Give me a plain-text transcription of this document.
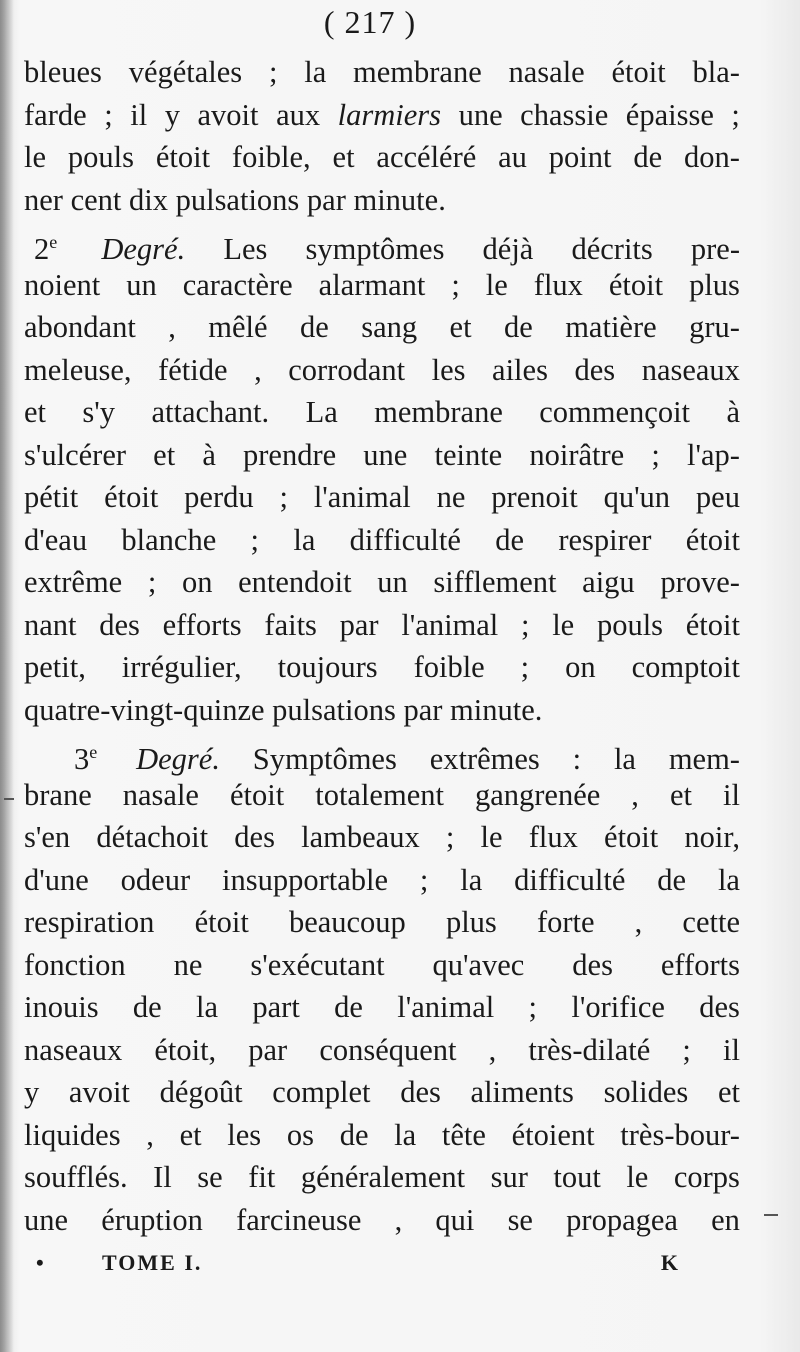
( 217 )
bleues végétales ; la membrane nasale étoit bla-
farde ; il y avoit aux larmiers une chassie épaisse ;
le pouls étoit foible, et accéléré au point de don-
ner cent dix pulsations par minute.
2e Degré. Les symptômes déjà décrits pre-
noient un caractère alarmant ; le flux étoit plus
abondant , mêlé de sang et de matière gru-
meleuse, fétide , corrodant les ailes des naseaux
et s'y attachant. La membrane commençoit à
s'ulcérer et à prendre une teinte noirâtre ; l'ap-
pétit étoit perdu ; l'animal ne prenoit qu'un peu
d'eau blanche ; la difficulté de respirer étoit
extrême ; on entendoit un sifflement aigu prove-
nant des efforts faits par l'animal ; le pouls étoit
petit, irrégulier, toujours foible ; on comptoit
quatre-vingt-quinze pulsations par minute.
3e Degré. Symptômes extrêmes : la mem-
brane nasale étoit totalement gangrenée , et il
s'en détachoit des lambeaux ; le flux étoit noir,
d'une odeur insupportable ; la difficulté de la
respiration étoit beaucoup plus forte , cette
fonction ne s'exécutant qu'avec des efforts
inouis de la part de l'animal ; l'orifice des
naseaux étoit, par conséquent , très-dilaté ; il
y avoit dégoût complet des aliments solides et
liquides , et les os de la tête étoient très-bour-
soufflés. Il se fit généralement sur tout le corps
une éruption farcineuse , qui se propagea en
•	TOME I.	K
